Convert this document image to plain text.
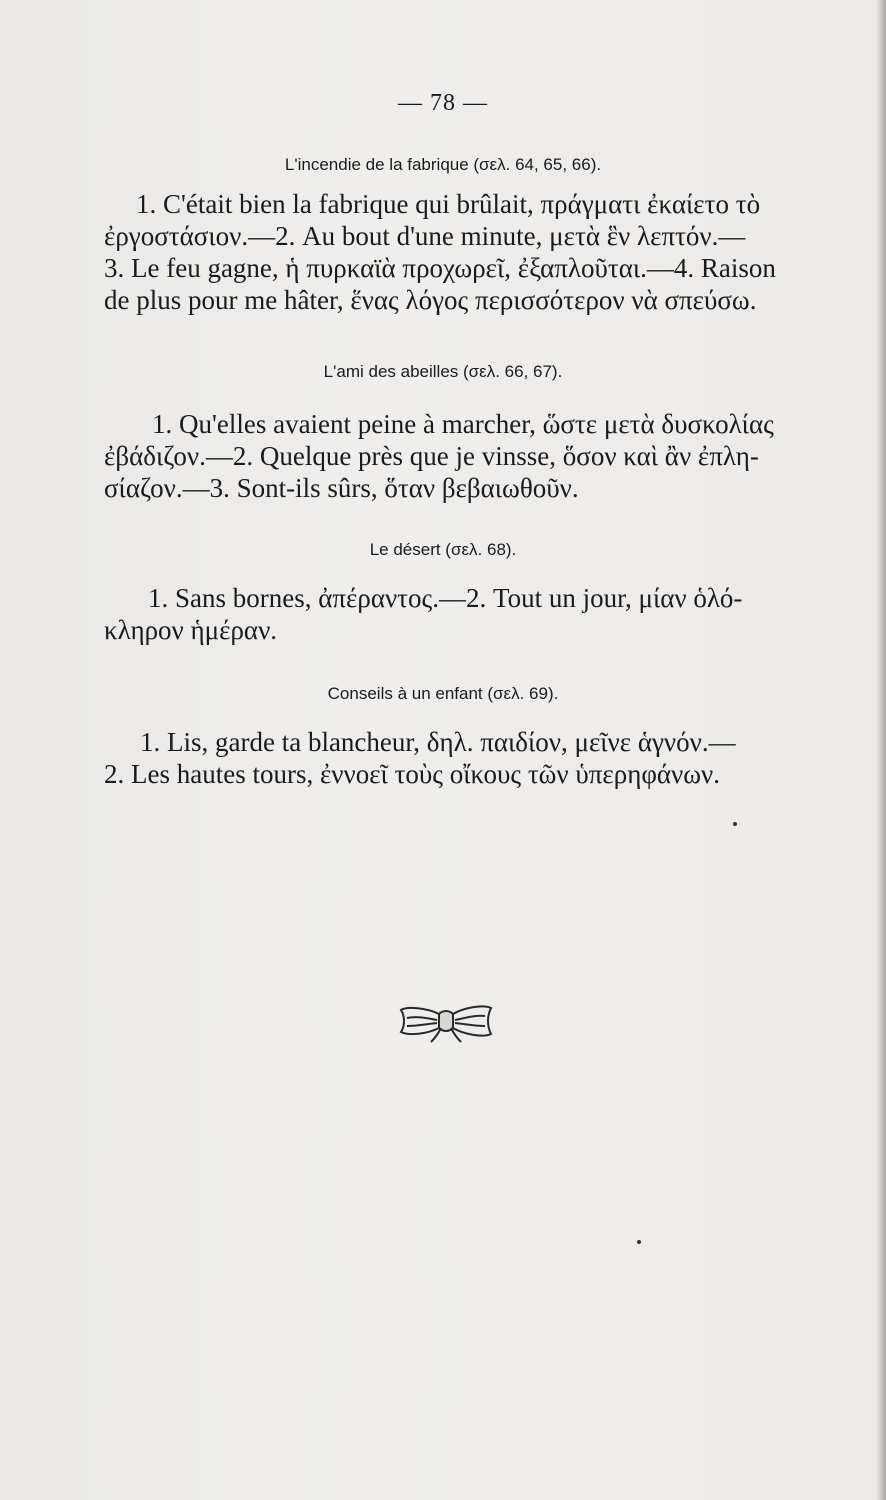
— 78 —
L'incendie de la fabrique (σελ. 64, 65, 66).
1. C'était bien la fabrique qui brûlait, πράγματι ἐκαίετο τὸ
ἐργοστάσιον.—2. Au bout d'une minute, μετὰ ἓν λεπτόν.—
3. Le feu gagne, ἡ πυρκαϊὰ προχωρεῖ, ἐξαπλοῦται.—4. Raison
de plus pour me hâter, ἕνας λόγος περισσότερον νὰ σπεύσω.
L'ami des abeilles (σελ. 66, 67).
1. Qu'elles avaient peine à marcher, ὥστε μετὰ δυσκολίας
ἐβάδιζον.—2. Quelque près que je vinsse, ὅσον καὶ ἂν ἐπλη-
σίαζον.—3. Sont-ils sûrs, ὅταν βεβαιωθοῦν.
Le désert (σελ. 68).
1. Sans bornes, ἀπέραντος.—2. Tout un jour, μίαν ὁλό-
κληρον ἡμέραν.
Conseils à un enfant (σελ. 69).
1. Lis, garde ta blancheur, δηλ. παιδίον, μεῖνε ἁγνόν.—
2. Les hautes tours, ἐννοεῖ τοὺς οἴκους τῶν ὑπερηφάνων.
